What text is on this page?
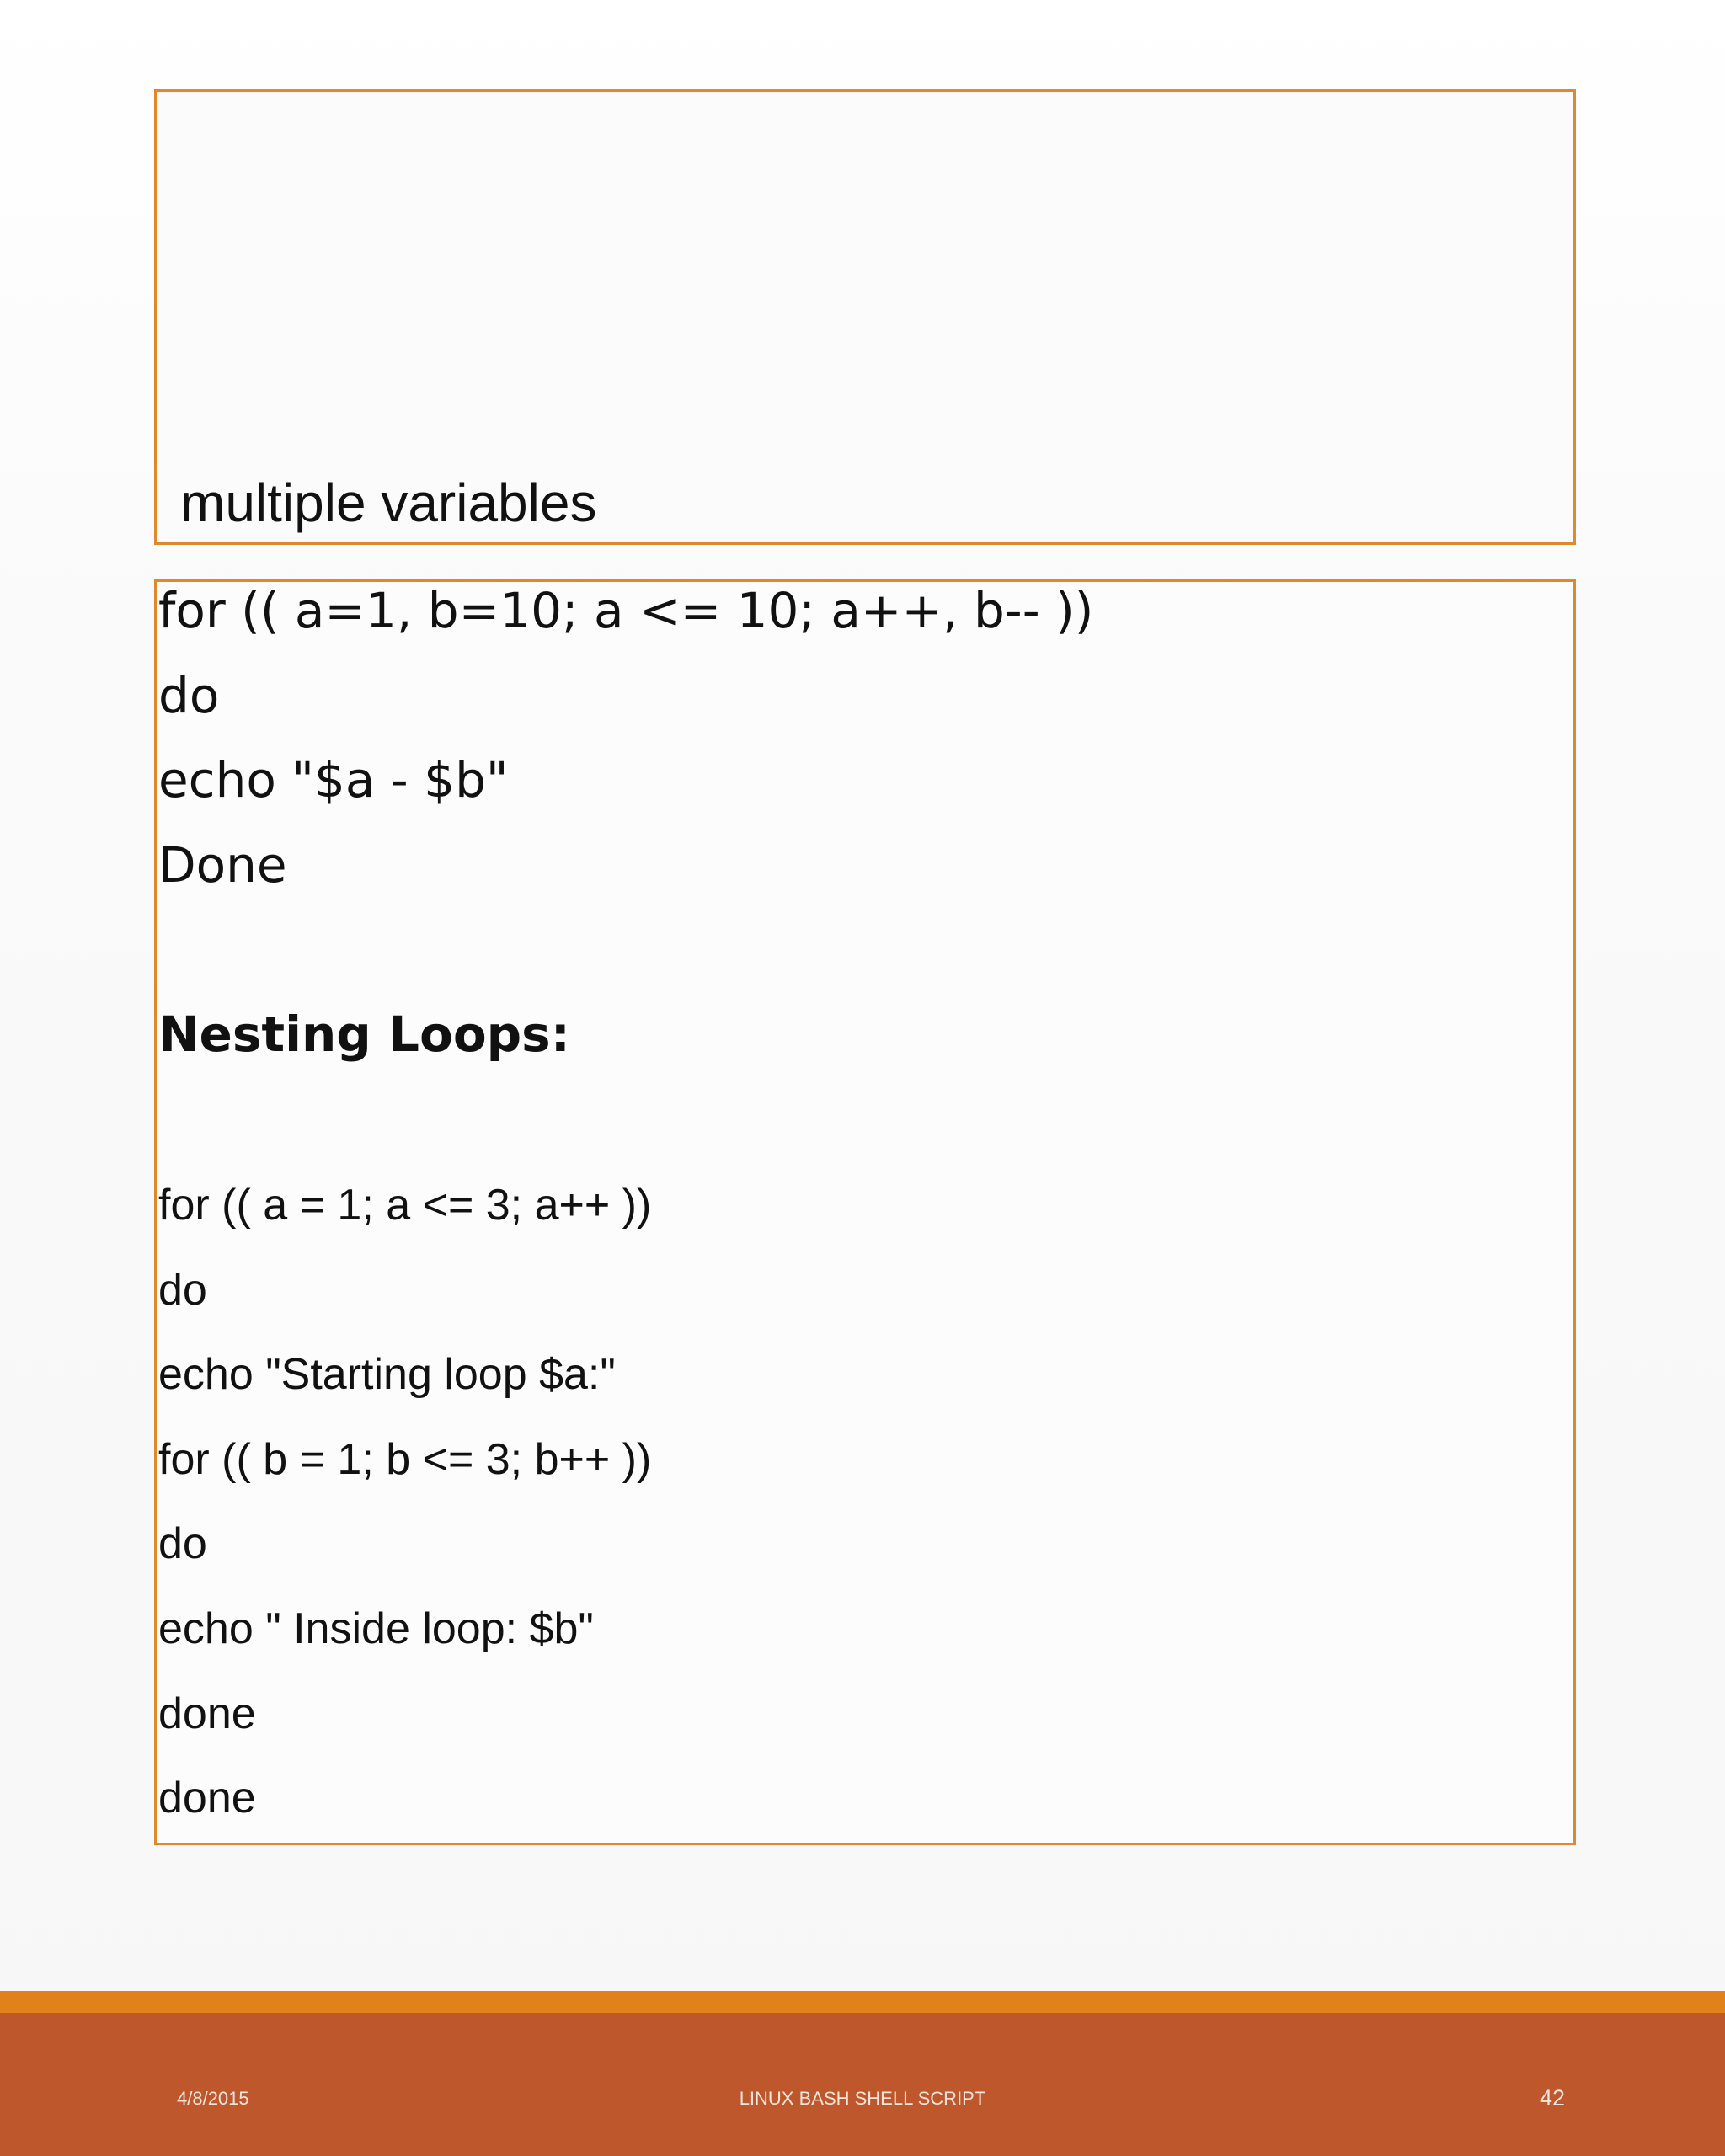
multiple variables
for (( a=1, b=10; a <= 10; a++, b-- ))
do
echo "$a - $b"
Done
Nesting Loops:
for (( a = 1; a <= 3; a++ ))
do
echo "Starting loop $a:"
for (( b = 1; b <= 3; b++ ))
do
echo " Inside loop: $b"
done
done
4/8/2015	LINUX BASH SHELL SCRIPT	42
